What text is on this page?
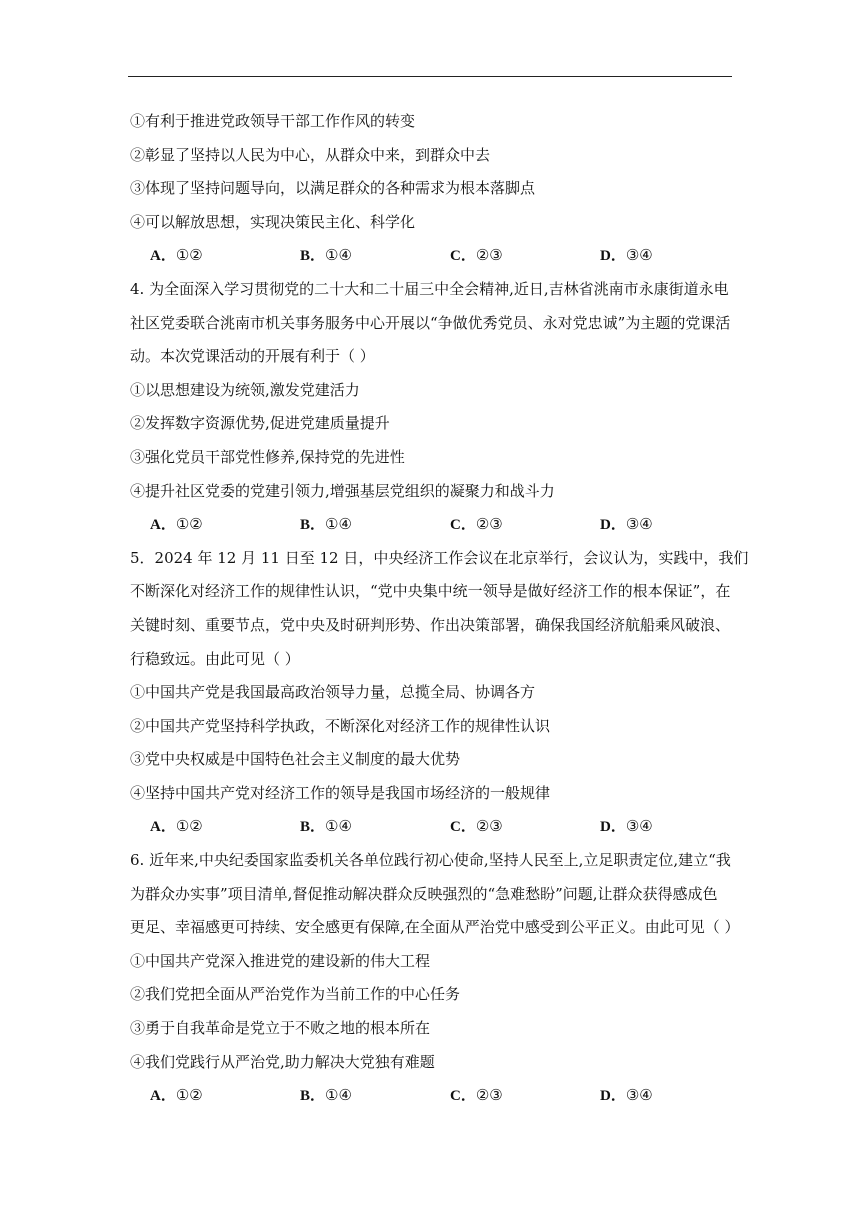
①有利于推进党政领导干部工作作风的转变
②彰显了坚持以人民为中心，从群众中来，到群众中去
③体现了坚持问题导向，以满足群众的各种需求为根本落脚点
④可以解放思想，实现决策民主化、科学化
A．①②	B．①④	C．②③	D．③④
4. 为全面深入学习贯彻党的二十大和二十届三中全会精神,近日,吉林省洮南市永康街道永电
社区党委联合洮南市机关事务服务中心开展以“争做优秀党员、永对党忠诚”为主题的党课活
动。本次党课活动的开展有利于（ ）
①以思想建设为统领,激发党建活力
②发挥数字资源优势,促进党建质量提升
③强化党员干部党性修养,保持党的先进性
④提升社区党委的党建引领力,增强基层党组织的凝聚力和战斗力
A．①②	B．①④	C．②③	D．③④
5．2024 年 12 月 11 日至 12 日，中央经济工作会议在北京举行，会议认为，实践中，我们
不断深化对经济工作的规律性认识，“党中央集中统一领导是做好经济工作的根本保证”，在
关键时刻、重要节点，党中央及时研判形势、作出决策部署，确保我国经济航船乘风破浪、
行稳致远。由此可见（ ）
①中国共产党是我国最高政治领导力量，总揽全局、协调各方
②中国共产党坚持科学执政，不断深化对经济工作的规律性认识
③党中央权威是中国特色社会主义制度的最大优势
④坚持中国共产党对经济工作的领导是我国市场经济的一般规律
A．①②	B．①④	C．②③	D．③④
6. 近年来,中央纪委国家监委机关各单位践行初心使命,坚持人民至上,立足职责定位,建立“我
为群众办实事”项目清单,督促推动解决群众反映强烈的“急难愁盼”问题,让群众获得感成色
更足、幸福感更可持续、安全感更有保障,在全面从严治党中感受到公平正义。由此可见（ ）
①中国共产党深入推进党的建设新的伟大工程
②我们党把全面从严治党作为当前工作的中心任务
③勇于自我革命是党立于不败之地的根本所在
④我们党践行从严治党,助力解决大党独有难题
A．①②	B．①④	C．②③	D．③④
